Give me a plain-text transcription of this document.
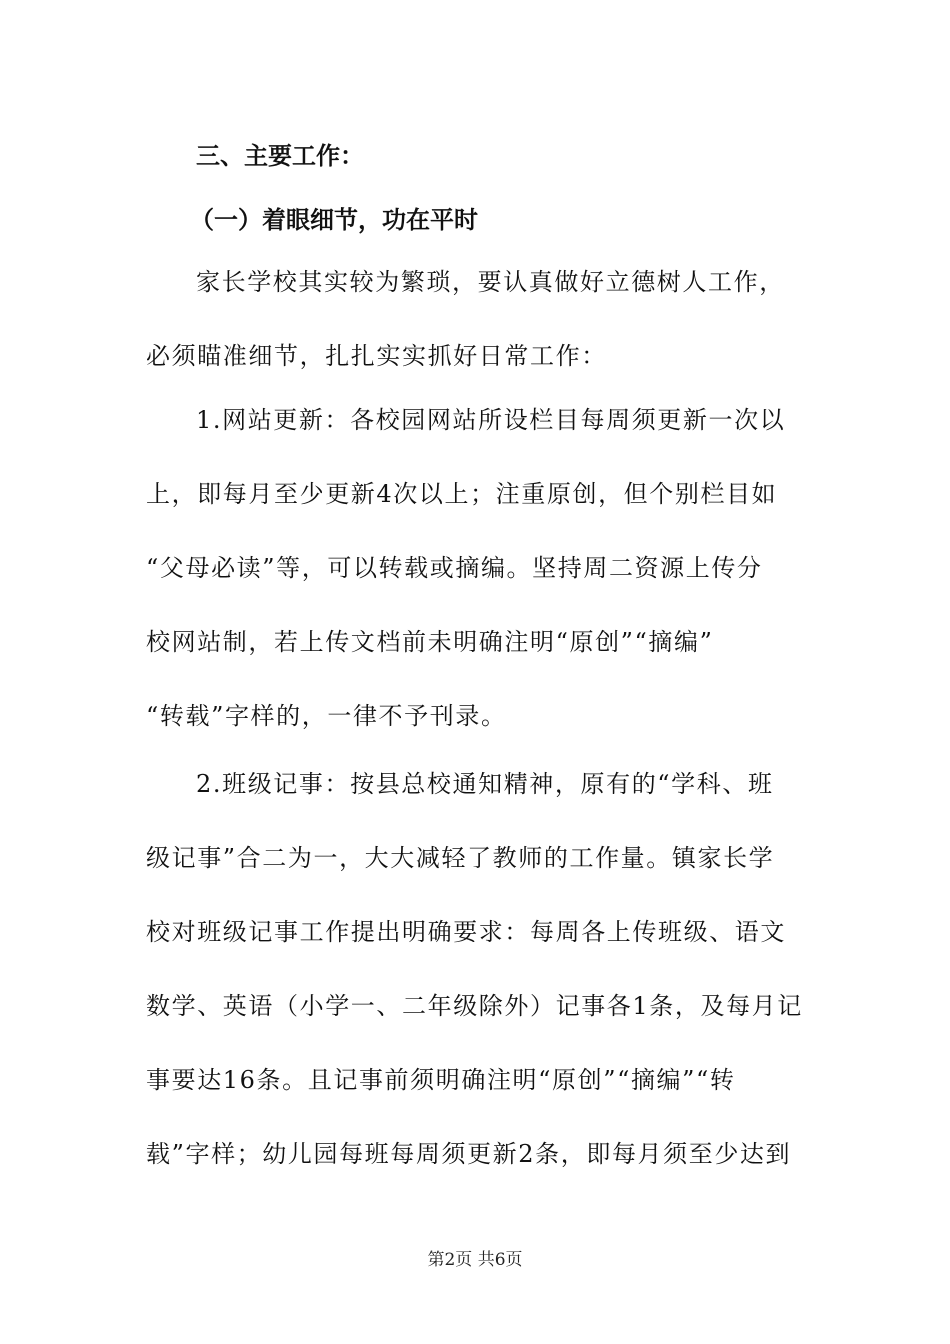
三、主要工作：
（一）着眼细节，功在平时
家长学校其实较为繁琐，要认真做好立德树人工作，
必须瞄准细节，扎扎实实抓好日常工作：
1.网站更新：各校园网站所设栏目每周须更新一次以
上，即每月至少更新4次以上；注重原创，但个别栏目如
“父母必读”等，可以转载或摘编。坚持周二资源上传分
校网站制，若上传文档前未明确注明“原创”“摘编”
“转载”字样的，一律不予刊录。
2.班级记事：按县总校通知精神，原有的“学科、班
级记事”合二为一，大大减轻了教师的工作量。镇家长学
校对班级记事工作提出明确要求：每周各上传班级、语文
数学、英语（小学一、二年级除外）记事各1条，及每月记
事要达16条。且记事前须明确注明“原创”“摘编”“转
载”字样；幼儿园每班每周须更新2条，即每月须至少达到
第2页 共6页
